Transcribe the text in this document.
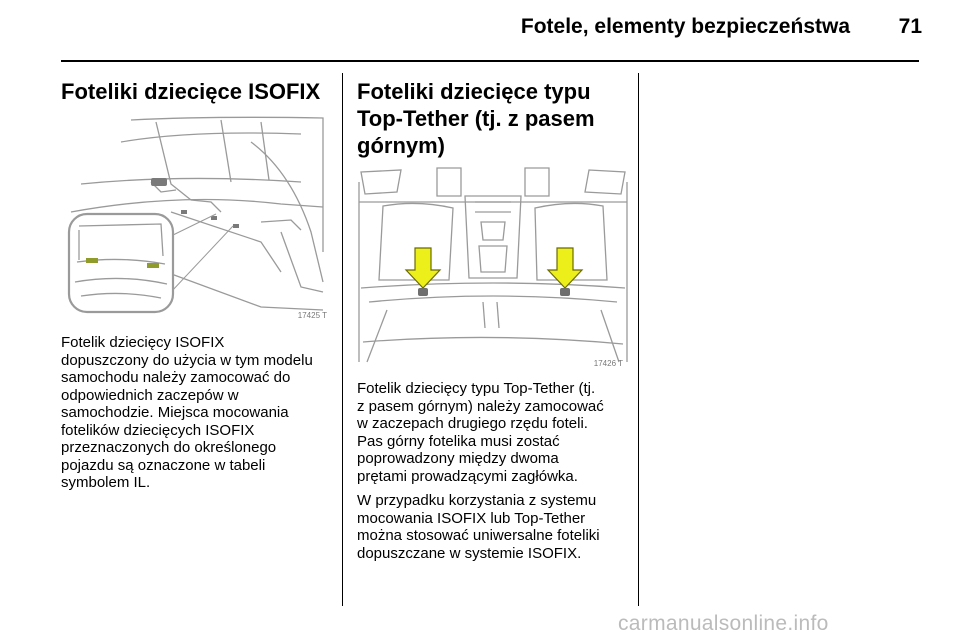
Fotele, elementy bezpieczeństwa	71
Foteliki dziecięce ISOFIX
17425 T

Fotelik dziecięcy ISOFIX
dopuszczony do użycia w tym modelu
samochodu należy zamocować do
odpowiednich zaczepów w
samochodzie. Miejsca mocowania
fotelików dziecięcych ISOFIX
przeznaczonych do określonego
pojazdu są oznaczone w tabeli
symbolem IL.

Foteliki dziecięce typu Top-Tether (tj. z pasem górnym)
17426 T

Fotelik dziecięcy typu Top-Tether (tj.
z pasem górnym) należy zamocować
w zaczepach drugiego rzędu foteli.
Pas górny fotelika musi zostać
poprowadzony między dwoma
prętami prowadzącymi zagłówka.

W przypadku korzystania z systemu
mocowania ISOFIX lub Top-Tether
można stosować uniwersalne foteliki
dopuszczane w systemie ISOFIX.

carmanualsonline.info
